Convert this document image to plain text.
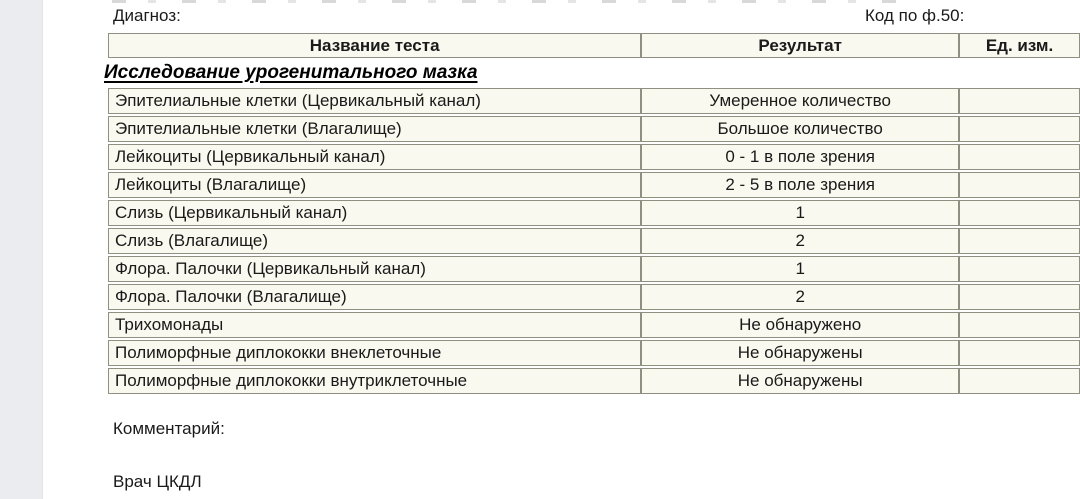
Диагноз:	Код по ф.50:
Название теста	Результат	Ед. изм.
Исследование урогенитального мазка		
Эпителиальные клетки (Цервикальный канал)	Умеренное количество	
Эпителиальные клетки (Влагалище)	Большое количество	
Лейкоциты (Цервикальный канал)	0 - 1 в поле зрения	
Лейкоциты (Влагалище)	2 - 5 в поле зрения	
Слизь (Цервикальный канал)	1	
Слизь (Влагалище)	2	
Флора. Палочки (Цервикальный канал)	1	
Флора. Палочки (Влагалище)	2	
Трихомонады	Не обнаружено	
Полиморфные диплококки внеклеточные	Не обнаружены	
Полиморфные диплококки внутриклеточные	Не обнаружены	
Комментарий:
Врач ЦКДЛ
